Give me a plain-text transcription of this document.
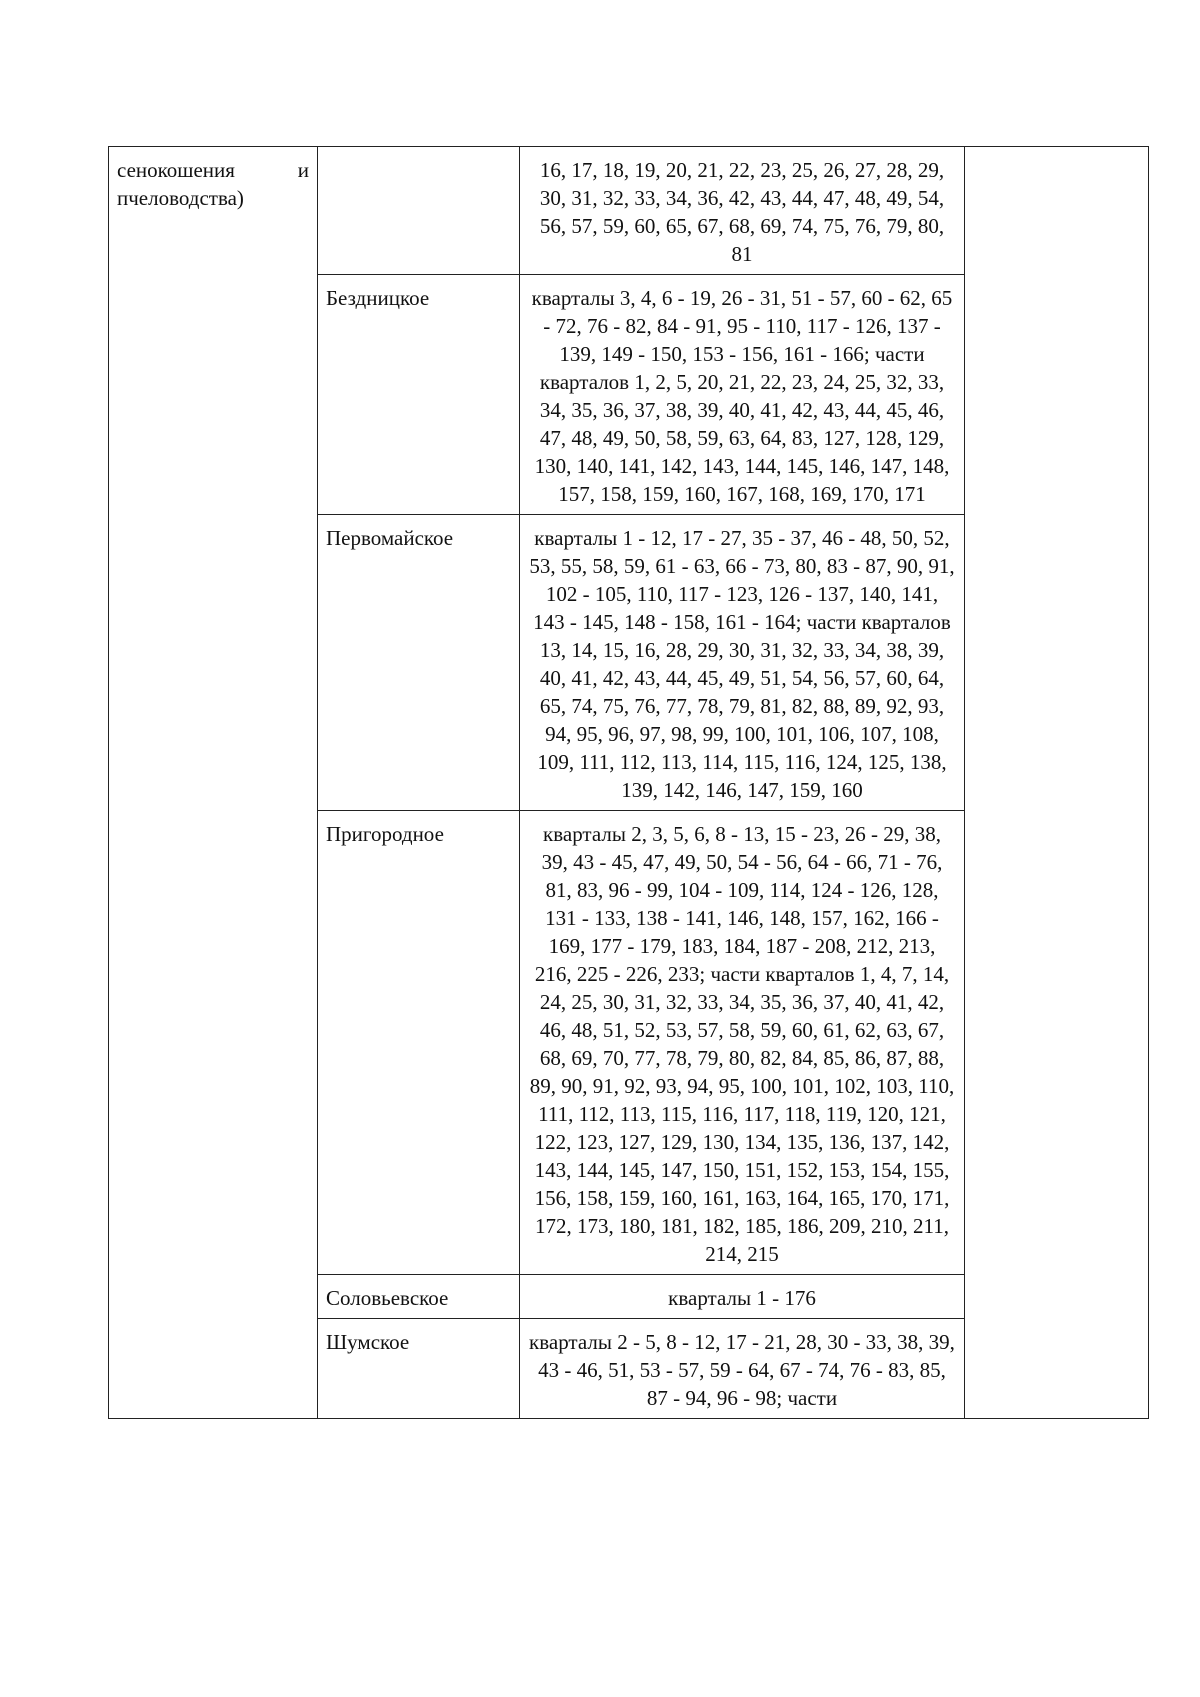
сенокошения и пчеловодства)		16, 17, 18, 19, 20, 21, 22, 23, 25, 26, 27, 28, 29, 30, 31, 32, 33, 34, 36, 42, 43, 44, 47, 48, 49, 54, 56, 57, 59, 60, 65, 67, 68, 69, 74, 75, 76, 79, 80, 81	
	Бездницкое	кварталы 3, 4, 6 - 19, 26 - 31, 51 - 57, 60 - 62, 65 - 72, 76 - 82, 84 - 91, 95 - 110, 117 - 126, 137 - 139, 149 - 150, 153 - 156, 161 - 166; части кварталов 1, 2, 5, 20, 21, 22, 23, 24, 25, 32, 33, 34, 35, 36, 37, 38, 39, 40, 41, 42, 43, 44, 45, 46, 47, 48, 49, 50, 58, 59, 63, 64, 83, 127, 128, 129, 130, 140, 141, 142, 143, 144, 145, 146, 147, 148, 157, 158, 159, 160, 167, 168, 169, 170, 171	
	Первомайское	кварталы 1 - 12, 17 - 27, 35 - 37, 46 - 48, 50, 52, 53, 55, 58, 59, 61 - 63, 66 - 73, 80, 83 - 87, 90, 91, 102 - 105, 110, 117 - 123, 126 - 137, 140, 141, 143 - 145, 148 - 158, 161 - 164; части кварталов 13, 14, 15, 16, 28, 29, 30, 31, 32, 33, 34, 38, 39, 40, 41, 42, 43, 44, 45, 49, 51, 54, 56, 57, 60, 64, 65, 74, 75, 76, 77, 78, 79, 81, 82, 88, 89, 92, 93, 94, 95, 96, 97, 98, 99, 100, 101, 106, 107, 108, 109, 111, 112, 113, 114, 115, 116, 124, 125, 138, 139, 142, 146, 147, 159, 160	
	Пригородное	кварталы 2, 3, 5, 6, 8 - 13, 15 - 23, 26 - 29, 38, 39, 43 - 45, 47, 49, 50, 54 - 56, 64 - 66, 71 - 76, 81, 83, 96 - 99, 104 - 109, 114, 124 - 126, 128, 131 - 133, 138 - 141, 146, 148, 157, 162, 166 - 169, 177 - 179, 183, 184, 187 - 208, 212, 213, 216, 225 - 226, 233; части кварталов 1, 4, 7, 14, 24, 25, 30, 31, 32, 33, 34, 35, 36, 37, 40, 41, 42, 46, 48, 51, 52, 53, 57, 58, 59, 60, 61, 62, 63, 67, 68, 69, 70, 77, 78, 79, 80, 82, 84, 85, 86, 87, 88, 89, 90, 91, 92, 93, 94, 95, 100, 101, 102, 103, 110, 111, 112, 113, 115, 116, 117, 118, 119, 120, 121, 122, 123, 127, 129, 130, 134, 135, 136, 137, 142, 143, 144, 145, 147, 150, 151, 152, 153, 154, 155, 156, 158, 159, 160, 161, 163, 164, 165, 170, 171, 172, 173, 180, 181, 182, 185, 186, 209, 210, 211, 214, 215	
	Соловьевское	кварталы 1 - 176	
	Шумское	кварталы 2 - 5, 8 - 12, 17 - 21, 28, 30 - 33, 38, 39, 43 - 46, 51, 53 - 57, 59 - 64, 67 - 74, 76 - 83, 85, 87 - 94, 96 - 98; части	
